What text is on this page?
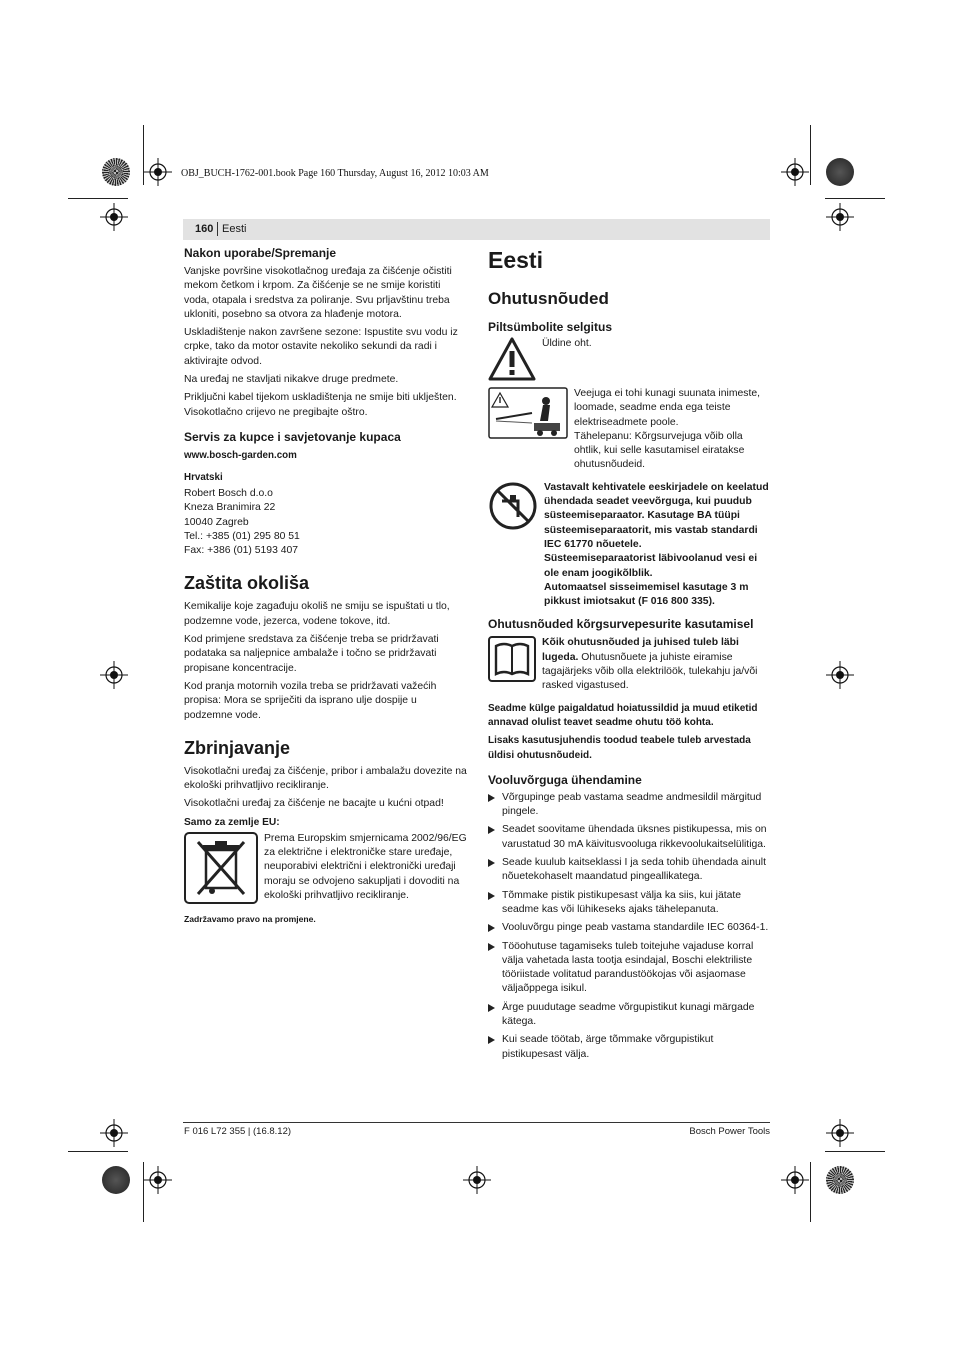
OBJ_BUCH-1762-001.book Page 160 Thursday, August 16, 2012 10:03 AM
160 Eesti
Nakon uporabe/Spremanje

Vanjske površine visokotlačnog uređaja za čišćenje očistiti mekom četkom i krpom. Za čišćenje se ne smije koristiti voda, otapala i sredstva za poliranje. Svu prljavštinu treba ukloniti, posebno sa otvora za hlađenje motora.

Uskladištenje nakon završene sezone: Ispustite svu vodu iz crpke, tako da motor ostavite nekoliko sekundi da radi i aktivirajte odvod.

Na uređaj ne stavljati nikakve druge predmete.

Priključni kabel tijekom uskladištenja ne smije biti uklješten. Visokotlačno crijevo ne pregibajte oštro.

Servis za kupce i savjetovanje kupaca
www.bosch-garden.com
Hrvatski
Robert Bosch d.o.o
Kneza Branimira 22
10040 Zagreb
Tel.: +385 (01) 295 80 51
Fax: +386 (01) 5193 407
Zaštita okoliša

Kemikalije koje zagađuju okoliš ne smiju se ispuštati u tlo, podzemne vode, jezerca, vodene tokove, itd.

Kod primjene sredstava za čišćenje treba se pridržavati podataka sa naljepnice ambalaže i točno se pridržavati propisane koncentracije.

Kod pranja motornih vozila treba se pridržavati važećih propisa: Mora se spriječiti da isprano ulje dospije u podzemne vode.

Zbrinjavanje

Visokotlačni uređaj za čišćenje, pribor i ambalažu dovezite na ekološki prihvatljivo recikliranje.

Visokotlačni uređaj za čišćenje ne bacajte u kućni otpad!

Samo za zemlje EU:
Prema Europskim smjernicama 2002/96/EG za električne i elektroničke stare uređaje, neuporabivi električni i elektronički uređaji moraju se odvojeno sakupljati i dovoditi na ekološki prihvatljivo recikliranje.
Zadržavamo pravo na promjene.
Eesti
Ohutusnõuded
Piltsümbolite selgitus
Üldine oht.
Veejuga ei tohi kunagi suunata inimeste, loomade, seadme enda ega teiste elektriseadmete poole.
Tähelepanu: Kõrgsurvejuga võib olla ohtlik, kui selle kasutamisel eiratakse ohutusnõudeid.
Vastavalt kehtivatele eeskirjadele on keelatud ühendada seadet veevõrguga, kui puudub süsteemiseparaator. Kasutage BA tüüpi süsteemiseparaatorit, mis vastab standardi IEC 61770 nõuetele.
Süsteemiseparaatorist läbivoolanud vesi ei ole enam joogikõlblik.
Automaatsel sisseimemisel kasutage 3 m pikkust imiotsakut (F 016 800 335).
Ohutusnõuded kõrgsurvepesurite kasutamisel
Kõik ohutusnõuded ja juhised tuleb läbi lugeda. Ohutusnõuete ja juhiste eiramise tagajärjeks võib olla elektrilöök, tulekahju ja/või rasked vigastused.

Seadme külge paigaldatud hoiatussildid ja muud etiketid annavad olulist teavet seadme ohutu töö kohta.

Lisaks kasutusjuhendis toodud teabele tuleb arvestada üldisi ohutusnõudeid.

Vooluvõrguga ühendamine
Võrgupinge peab vastama seadme andmesildil märgitud pingele.
Seadet soovitame ühendada üksnes pistikupessa, mis on varustatud 30 mA käivitusvooluga rikkevoolukaitselülitiga.
Seade kuulub kaitseklassi I ja seda tohib ühendada ainult nõuetekohaselt maandatud pingeallikatega.
Tõmmake pistik pistikupesast välja ka siis, kui jätate seadme kas või lühikeseks ajaks tähelepanuta.
Vooluvõrgu pinge peab vastama standardile IEC 60364-1.
Tööohutuse tagamiseks tuleb toitejuhe vajaduse korral välja vahetada lasta tootja esindajal, Boschi elektriliste tööriistade volitatud parandustöökojas või asjaomase väljaõppega isikul.
Ärge puudutage seadme võrgupistikut kunagi märgade kätega.
Kui seade töötab, ärge tõmmake võrgupistikut pistikupesast välja.
F 016 L72 355 | (16.8.12)	Bosch Power Tools
